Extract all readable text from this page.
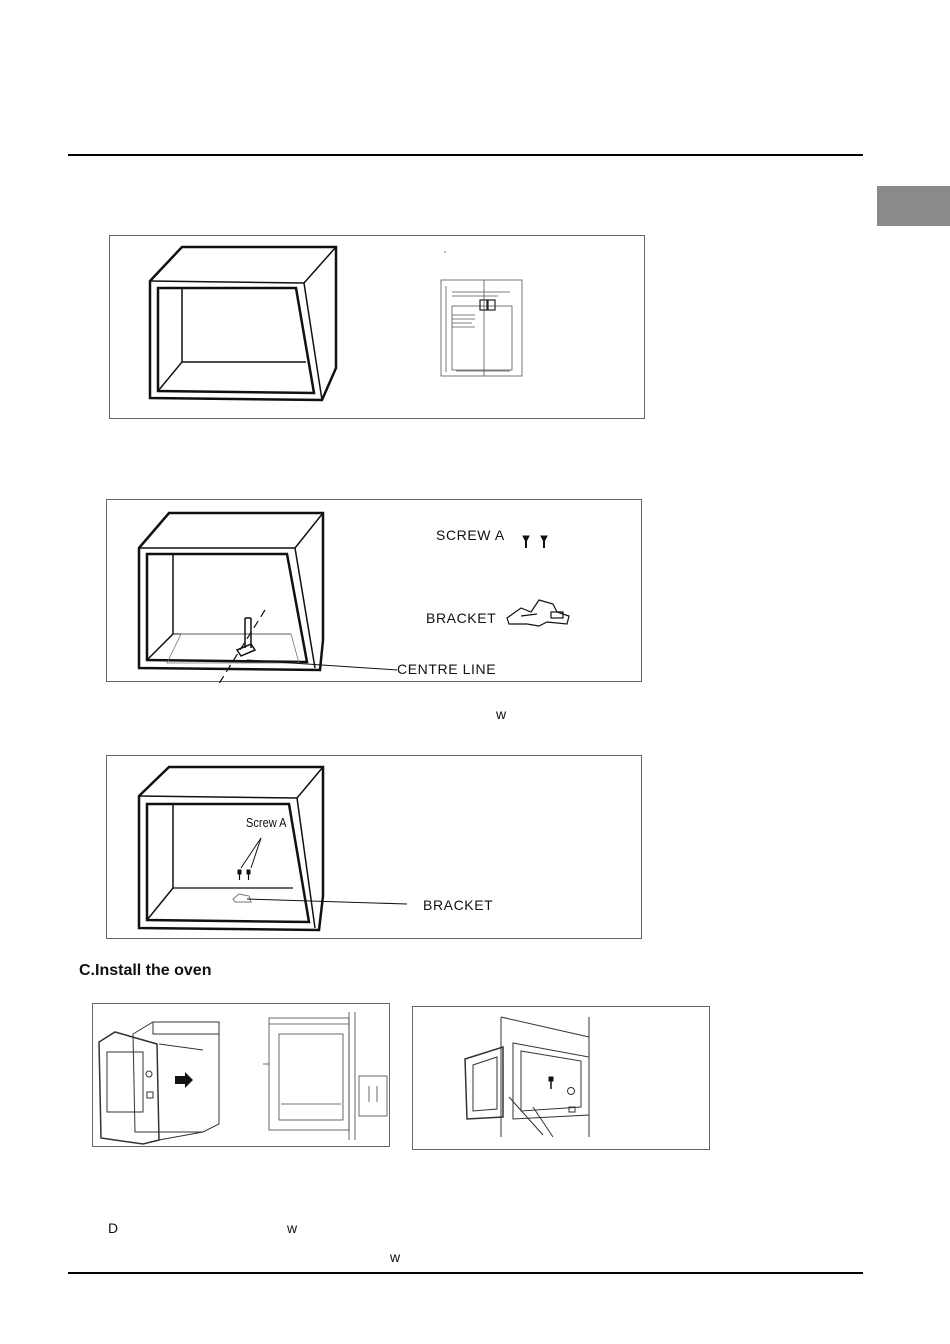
SCREW A
BRACKET
CENTRE LINE
w
Screw A
BRACKET
C.Install the oven
D	w
w
